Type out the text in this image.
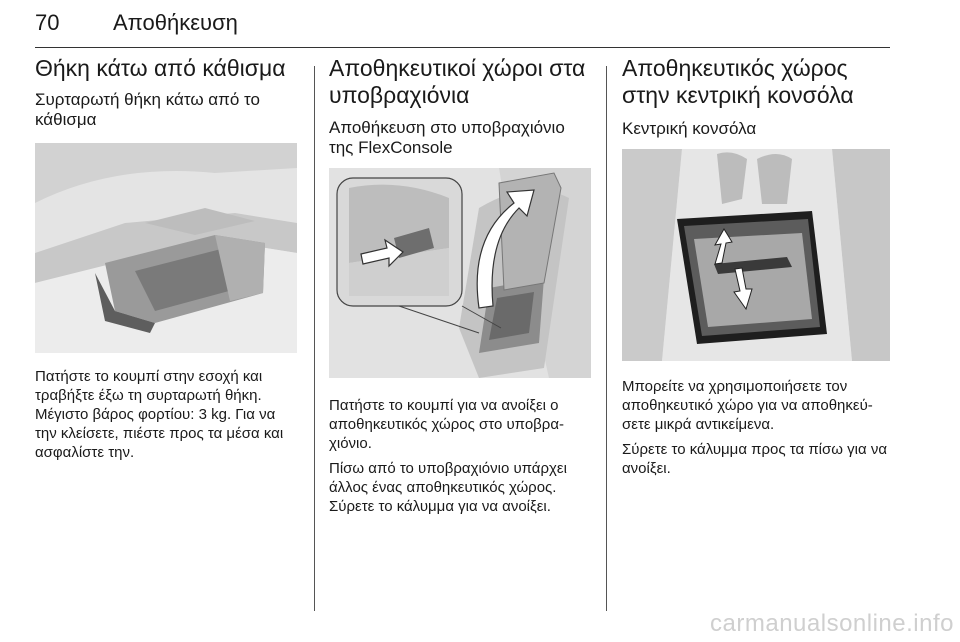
70 Αποθήκευση
Θήκη κάτω από κάθισμα
Συρταρωτή θήκη κάτω από το κάθισμα

Πατήστε το κουμπί στην εσοχή και τραβήξτε έξω τη συρταρωτή θήκη. Μέγιστο βάρος φορτίου: 3 kg. Για να την κλείσετε, πιέστε προς τα μέσα και ασφαλίστε την.

Αποθηκευτικοί χώροι στα υποβραχιόνια
Αποθήκευση στο υποβραχιόνιο της FlexConsole

Πατήστε το κουμπί για να ανοίξει ο αποθηκευτικός χώρος στο υποβρα- χιόνιο.

Πίσω από το υποβραχιόνιο υπάρχει άλλος ένας αποθηκευτικός χώρος. Σύρετε το κάλυμμα για να ανοίξει.

Αποθηκευτικός χώρος στην κεντρική κονσόλα
Κεντρική κονσόλα

Μπορείτε να χρησιμοποιήσετε τον αποθηκευτικό χώρο για να αποθηκεύ- σετε μικρά αντικείμενα.

Σύρετε το κάλυμμα προς τα πίσω για να ανοίξει.

carmanualsonline.info
